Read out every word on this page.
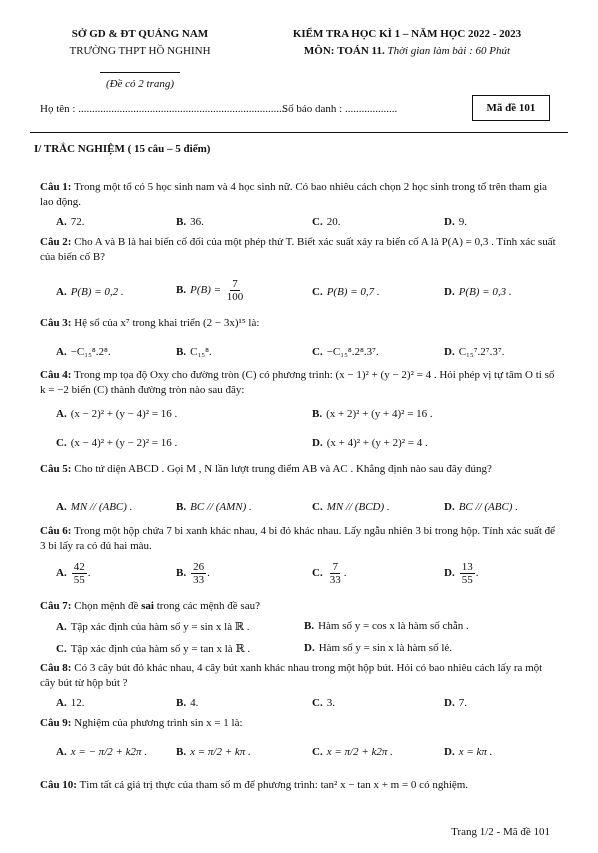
SỞ GD & ĐT QUẢNG NAM
TRƯỜNG THPT HỒ NGHINH
(Đề có 2 trang)
KIỂM TRA HỌC KÌ 1 – NĂM HỌC 2022 - 2023
MÔN: TOÁN 11. Thời gian làm bài : 60 Phút
Họ tên : ............................................................................
Số báo danh : ...................	Mã đề 101
I/ TRẮC NGHIỆM ( 15 câu – 5 điểm)
Câu 1: Trong một tổ có 5 học sinh nam và 4 học sinh nữ. Có bao nhiêu cách chọn 2 học sinh trong tổ trên tham gia lao động.
A. 72.	B. 36.	C. 20.	D. 9.
Câu 2: Cho A và B là hai biến cố đối của một phép thử T. Biết xác suất xảy ra biến cố A là P(A) = 0,3 . Tính xác suất của biến cố B?
A. P(B) = 0,2 .	B. $P(B) = \frac{7}{100}$	C. P(B) = 0,7 .	D. P(B) = 0,3 .
Câu 3: Hệ số của x⁷ trong khai triển (2 − 3x)¹⁵ là:
A. −C₁₅⁸.2⁸.	B. C₁₅⁸.	C. −C₁₅⁸.2⁸.3⁷.	D. C₁₅⁷.2⁷.3⁷.
Câu 4: Trong mp tọa độ Oxy cho đường tròn (C) có phương trình: (x − 1)² + (y − 2)² = 4 . Hỏi phép vị tự tâm O tỉ số k = −2 biến (C) thành đường tròn nào sau đây:
A. (x − 2)² + (y − 4)² = 16 .	B. (x + 2)² + (y + 4)² = 16 .
C. (x − 4)² + (y − 2)² = 16 .	D. (x + 4)² + (y + 2)² = 4 .
Câu 5: Cho tứ diện ABCD . Gọi M , N lần lượt trung điểm AB và AC . Khẳng định nào sau đây đúng?
A. MN // (ABC) .	B. BC // (AMN) .	C. MN // (BCD) .	D. BC // (ABC) .
Câu 6: Trong một hộp chứa 7 bi xanh khác nhau, 4 bi đỏ khác nhau. Lấy ngẫu nhiên 3 bi trong hộp. Tính xác suất để 3 bi lấy ra có đủ hai màu.
A. $\frac{42}{55}$ .	B. $\frac{26}{33}$ .	C. $\frac{7}{33}$ .	D. $\frac{13}{55}$ .
Câu 7: Chọn mệnh đề sai trong các mệnh đề sau?
A. Tập xác định của hàm số y = sin x là ℝ .	B. Hàm số y = cos x là hàm số chẵn .
C. Tập xác định của hàm số y = tan x là ℝ .	D. Hàm số y = sin x là hàm số lẻ.
Câu 8: Có 3 cây bút đỏ khác nhau, 4 cây bút xanh khác nhau trong một hộp bút. Hỏi có bao nhiêu cách lấy ra một cây bút từ hộp bút ?
A. 12.	B. 4.	C. 3.	D. 7.
Câu 9: Nghiệm của phương trình sin x = 1 là:
A. x = − π/2 + k2π .	B. x = π/2 + kπ .	C. x = π/2 + k2π .	D. x = kπ .
Câu 10: Tìm tất cả giá trị thực của tham số m để phương trình: tan² x − tan x + m = 0 có nghiệm.
Trang 1/2 - Mã đề 101
